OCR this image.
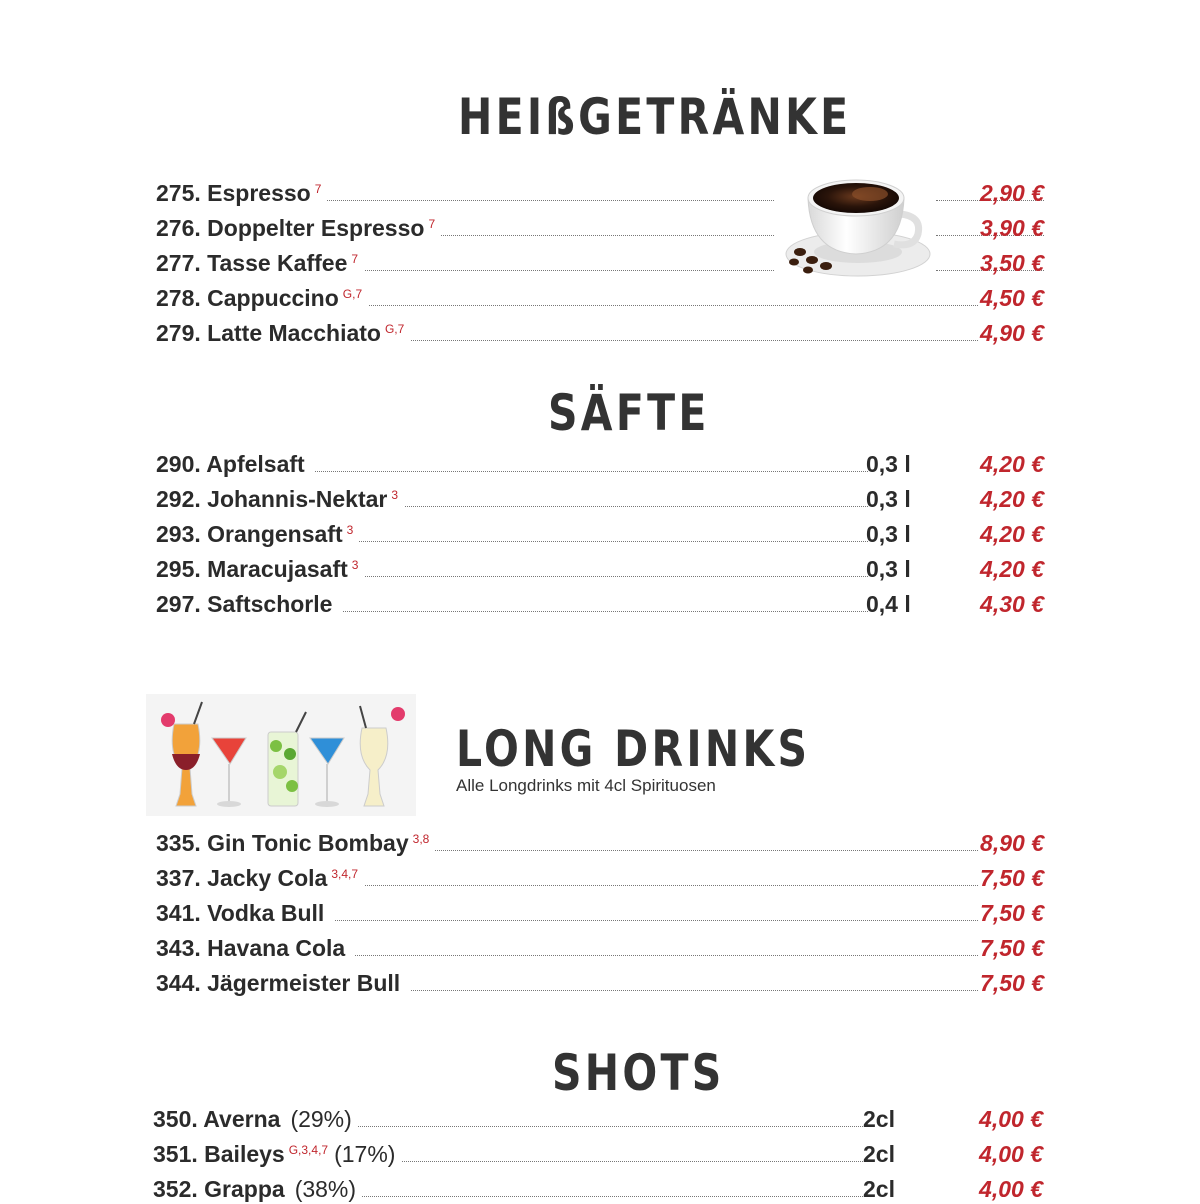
HEIßGETRÄNKE
275. Espresso $^7$	2,90 €
276. Doppelter Espresso $^7$	3,90 €
277. Tasse Kaffee $^7$	3,50 €
278. Cappuccino $^{G,7}$	4,50 €
279. Latte Macchiato $^{G,7}$	4,90 €
SÄFTE
290. Apfelsaft	0,3 l	4,20 €
292. Johannis-Nektar $^3$	0,3 l	4,20 €
293. Orangensaft $^3$	0,3 l	4,20 €
295. Maracujasaft $^3$	0,3 l	4,20 €
297. Saftschorle	0,4 l	4,30 €
LONG DRINKS
Alle Longdrinks mit 4cl Spirituosen
335. Gin Tonic Bombay $^{3,8}$	8,90 €
337. Jacky Cola $^{3,4,7}$	7,50 €
341. Vodka Bull	7,50 €
343. Havana Cola	7,50 €
344. Jägermeister Bull	7,50 €
SHOTS
350. Averna (29%)	2cl	4,00 €
351. Baileys $^{G,3,4,7}$ (17%)	2cl	4,00 €
352. Grappa (38%)	2cl	4,00 €
